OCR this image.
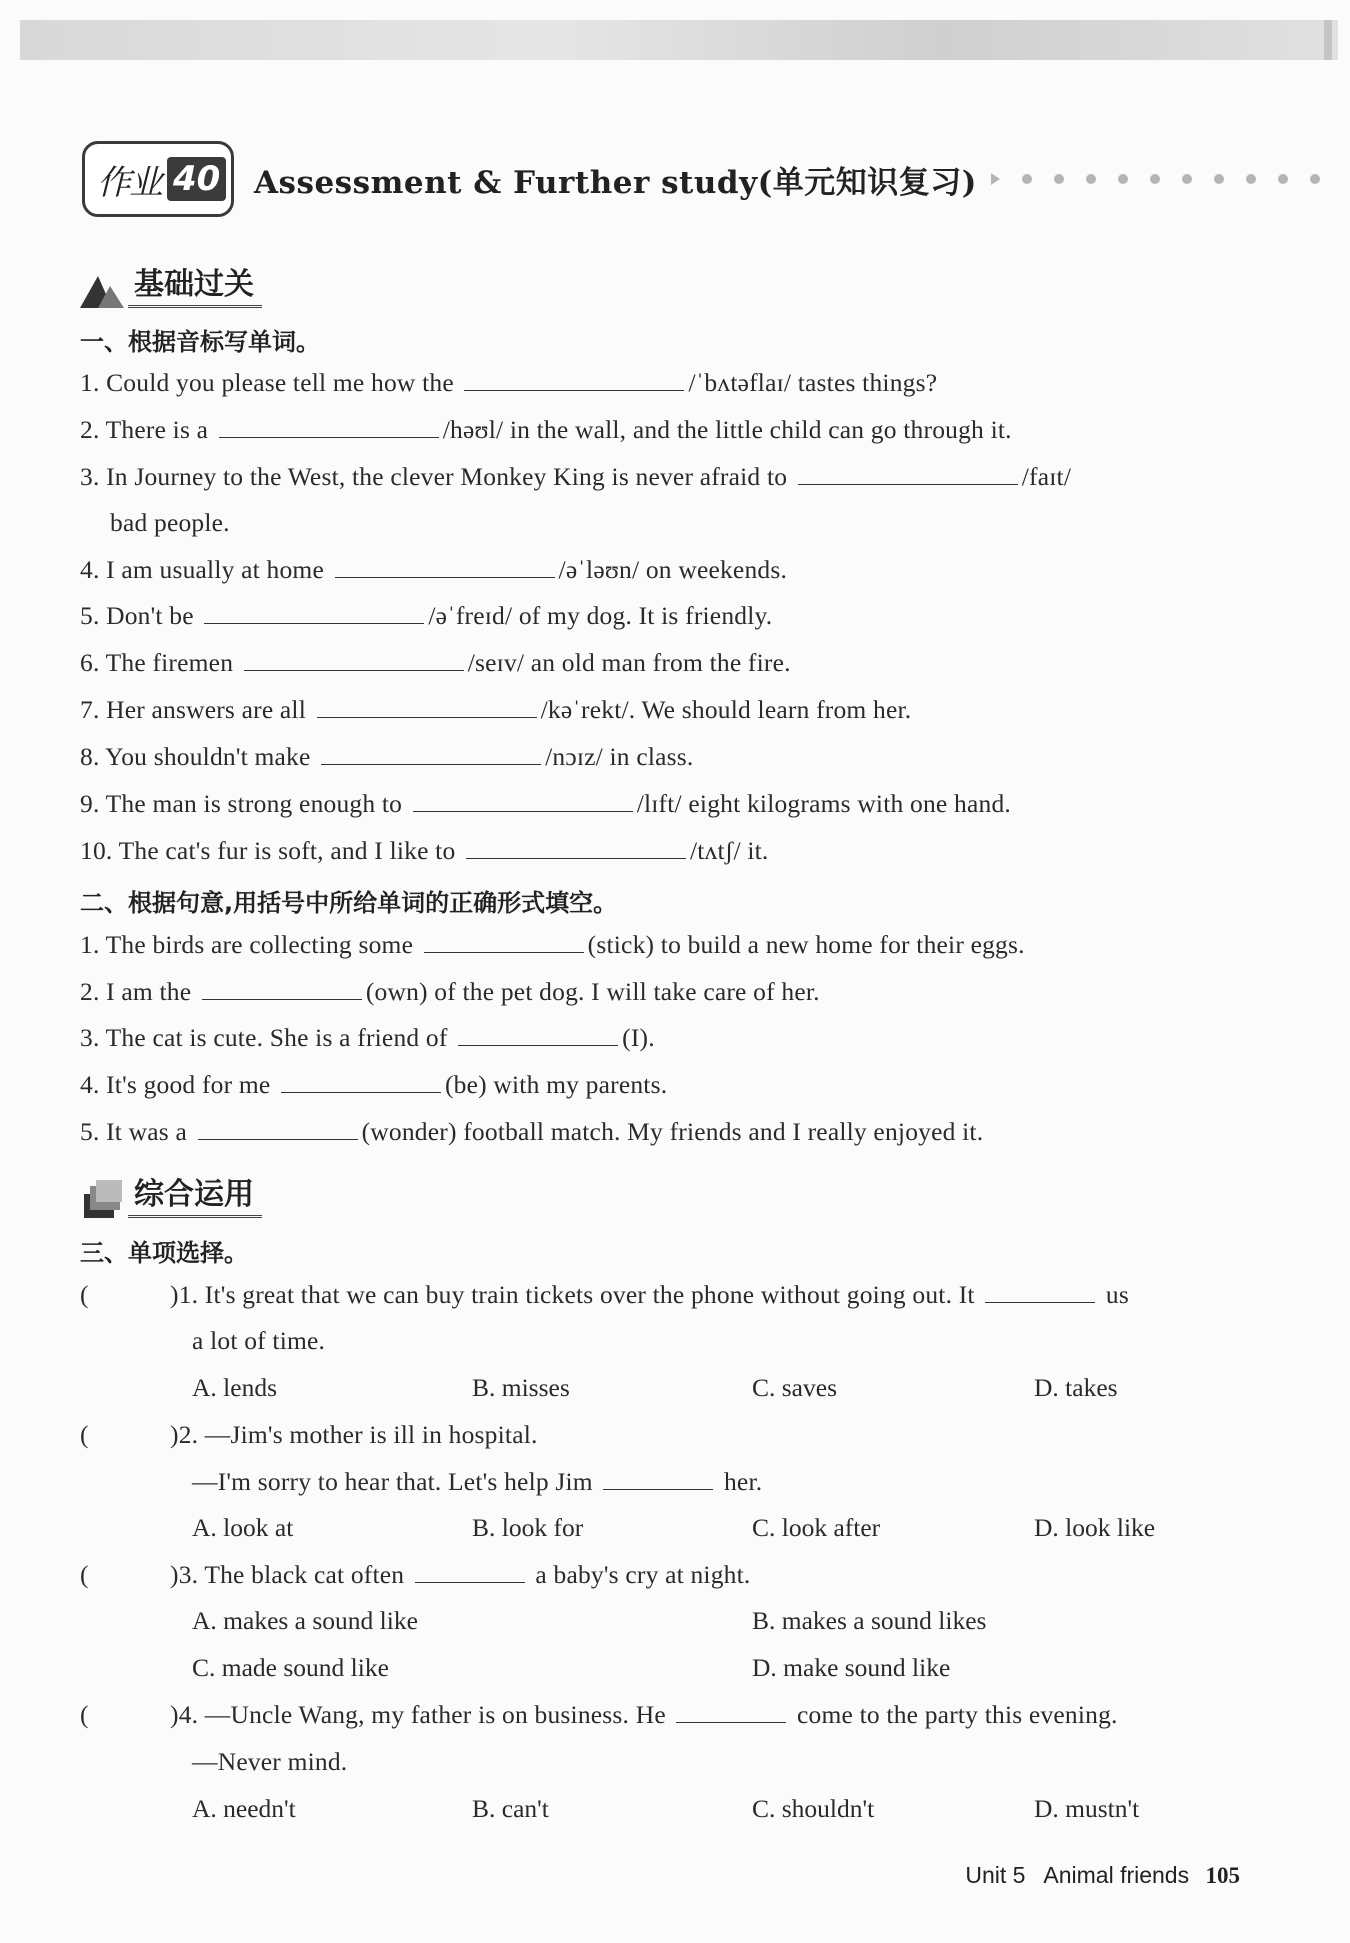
作业 40 Assessment & Further study(单元知识复习)
基础过关
一、根据音标写单词。
1. Could you please tell me how the	/ˈbʌtəflaɪ/ tastes things?
2. There is a	/həʊl/ in the wall, and the little child can go through it.
3. In Journey to the West, the clever Monkey King is never afraid to	/faɪt/
bad people.
4. I am usually at home	/əˈləʊn/ on weekends.
5. Don't be	/əˈfreɪd/ of my dog. It is friendly.
6. The firemen	/seɪv/ an old man from the fire.
7. Her answers are all	/kəˈrekt/. We should learn from her.
8. You shouldn't make	/nɔɪz/ in class.
9. The man is strong enough to	/lɪft/ eight kilograms with one hand.
10. The cat's fur is soft, and I like to	/tʌtʃ/ it.
二、根据句意,用括号中所给单词的正确形式填空。
1. The birds are collecting some	(stick) to build a new home for their eggs.
2. I am the	(own) of the pet dog. I will take care of her.
3. The cat is cute. She is a friend of	(I).
4. It's good for me	(be) with my parents.
5. It was a	(wonder) football match. My friends and I really enjoyed it.
综合运用
三、单项选择。
(	)1. It's great that we can buy train tickets over the phone without going out. It	us
a lot of time.
A. lends	B. misses	C. saves	D. takes
(	)2. —Jim's mother is ill in hospital.
—I'm sorry to hear that. Let's help Jim	her.
A. look at	B. look for	C. look after	D. look like
(	)3. The black cat often	a baby's cry at night.
A. makes a sound like	B. makes a sound likes
C. made sound like	D. make sound like
(	)4. —Uncle Wang, my father is on business. He	come to the party this evening.
—Never mind.
A. needn't	B. can't	C. shouldn't	D. mustn't
Unit 5 Animal friends 105
